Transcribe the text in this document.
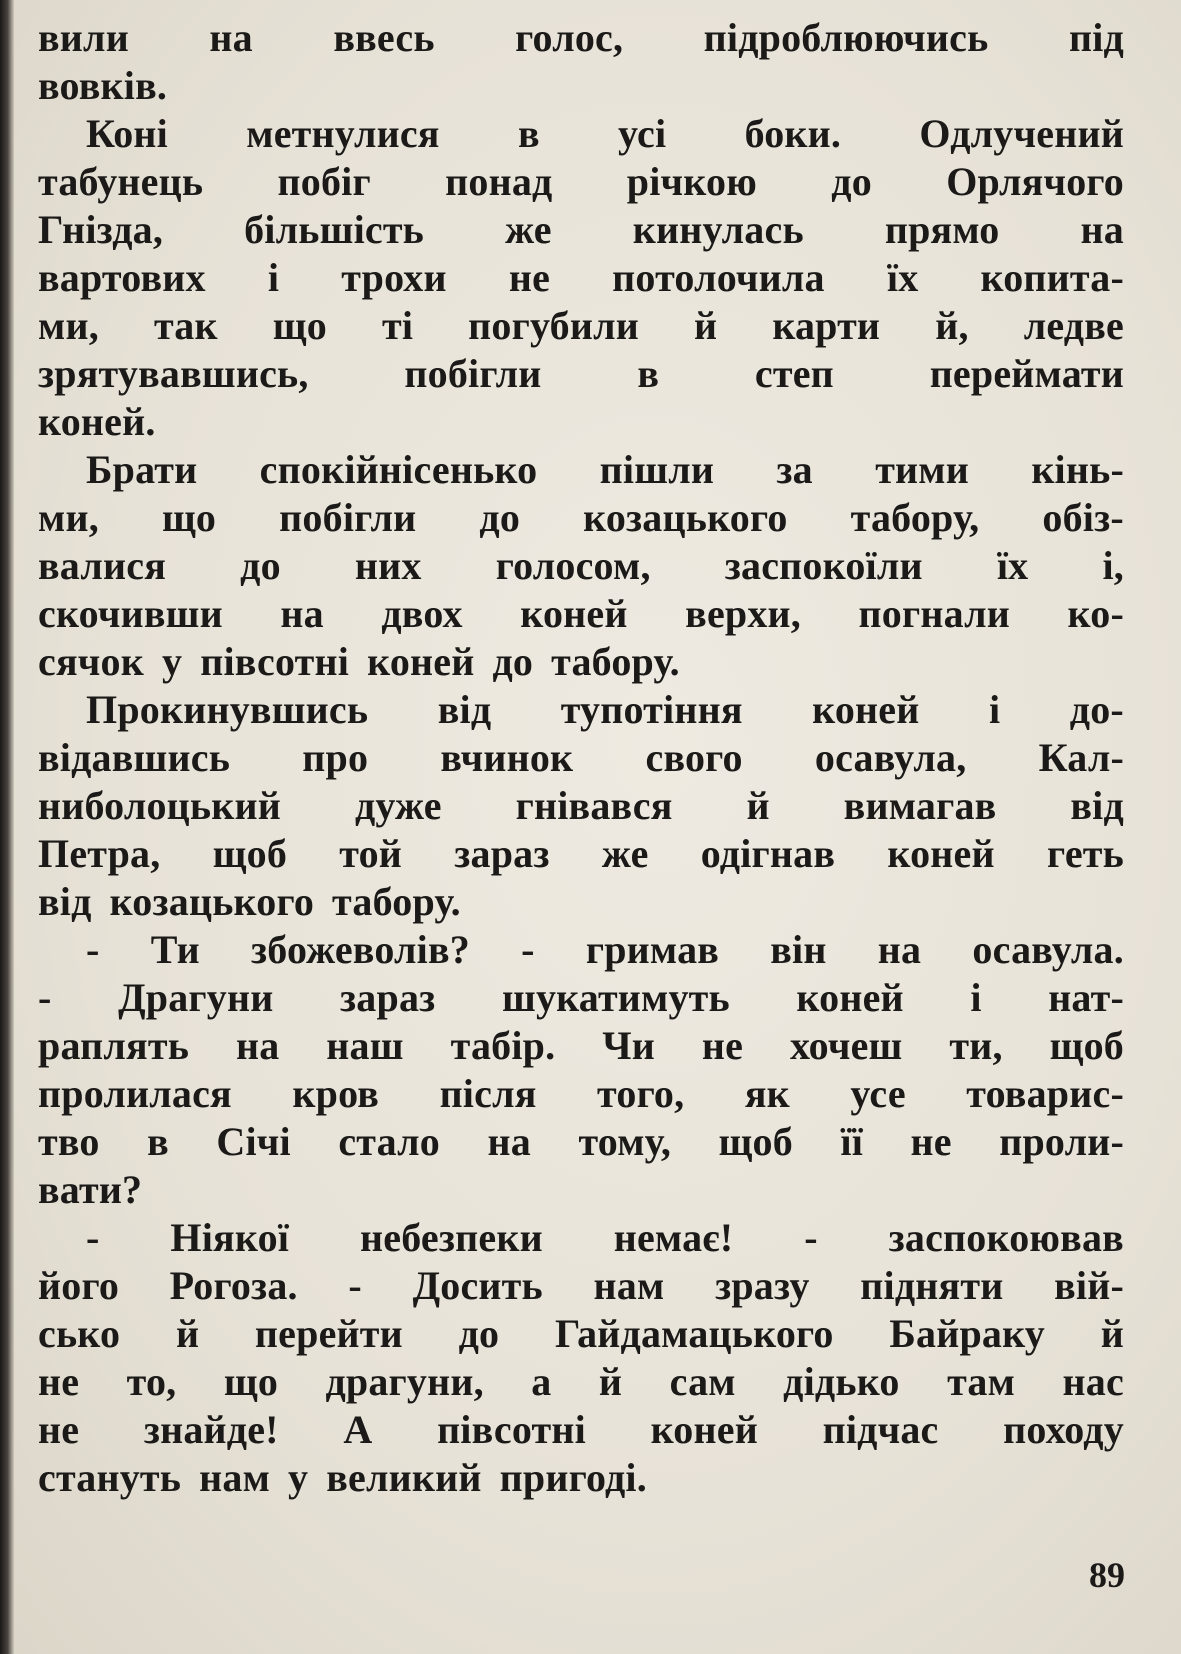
вили на ввесь голос, підроблюючись під
вовків.
Коні метнулися в усі боки. Одлучений
табунець побіг понад річкою до Орлячого
Гнізда, більшість же кинулась прямо на
вартових і трохи не потолочила їх копита-
ми, так що ті погубили й карти й, ледве
зрятувавшись, побігли в степ переймати
коней.
Брати спокійнісенько пішли за тими кінь-
ми, що побігли до козацького табору, обіз-
валися до них голосом, заспокоїли їх і,
скочивши на двох коней верхи, погнали ко-
сячок у півсотні коней до табору.
Прокинувшись від тупотіння коней і до-
відавшись про вчинок свого осавула, Кал-
ниболоцький дуже гнівався й вимагав від
Петра, щоб той зараз же одігнав коней геть
від козацького табору.
- Ти збожеволів? - гримав він на осавула.
- Драгуни зараз шукатимуть коней і нат-
раплять на наш табір. Чи не хочеш ти, щоб
пролилася кров після того, як усе товарис-
тво в Січі стало на тому, щоб її не проли-
вати?
- Ніякої небезпеки немає! - заспокоював
його Рогоза. - Досить нам зразу підняти вій-
сько й перейти до Гайдамацького Байраку й
не то, що драгуни, а й сам дідько там нас
не знайде! А півсотні коней підчас походу
стануть нам у великий пригоді.
89
